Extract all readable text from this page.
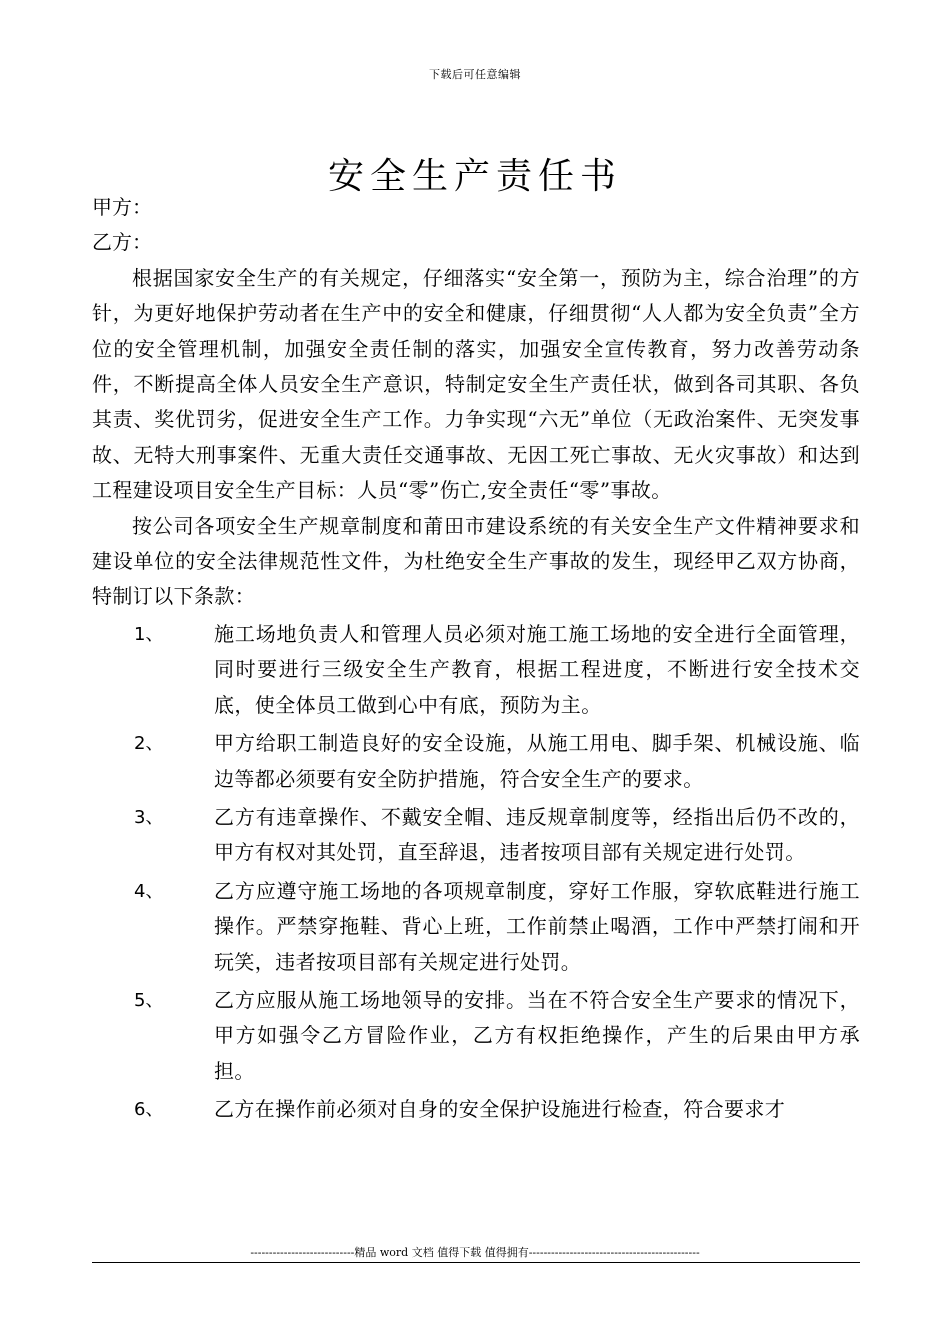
下载后可任意编辑
安全生产责任书

甲方：

乙方：

根据国家安全生产的有关规定，仔细落实“安全第一，预防为主，综合治理”的方针，为更好地保护劳动者在生产中的安全和健康，仔细贯彻“人人都为安全负责”全方位的安全管理机制，加强安全责任制的落实，加强安全宣传教育，努力改善劳动条件，不断提高全体人员安全生产意识，特制定安全生产责任状，做到各司其职、各负其责、奖优罚劣，促进安全生产工作。力争实现“六无”单位（无政治案件、无突发事故、无特大刑事案件、无重大责任交通事故、无因工死亡事故、无火灾事故）和达到工程建设项目安全生产目标：人员“零”伤亡,安全责任“零”事故。

按公司各项安全生产规章制度和莆田市建设系统的有关安全生产文件精神要求和建设单位的安全法律规范性文件，为杜绝安全生产事故的发生，现经甲乙双方协商，特制订以下条款：

1、	施工场地负责人和管理人员必须对施工施工场地的安全进行全面管理，同时要进行三级安全生产教育，根据工程进度，不断进行安全技术交底，使全体员工做到心中有底，预防为主。
2、	甲方给职工制造良好的安全设施，从施工用电、脚手架、机械设施、临边等都必须要有安全防护措施，符合安全生产的要求。
3、	乙方有违章操作、不戴安全帽、违反规章制度等，经指出后仍不改的，甲方有权对其处罚，直至辞退，违者按项目部有关规定进行处罚。
4、	乙方应遵守施工场地的各项规章制度，穿好工作服，穿软底鞋进行施工操作。严禁穿拖鞋、背心上班，工作前禁止喝酒，工作中严禁打闹和开玩笑，违者按项目部有关规定进行处罚。
5、	乙方应服从施工场地领导的安排。当在不符合安全生产要求的情况下，甲方如强令乙方冒险作业，乙方有权拒绝操作，产生的后果由甲方承担。
6、	乙方在操作前必须对自身的安全保护设施进行检查，符合要求才
----------------------------精品 word 文档 值得下载 值得拥有----------------------------------------------
